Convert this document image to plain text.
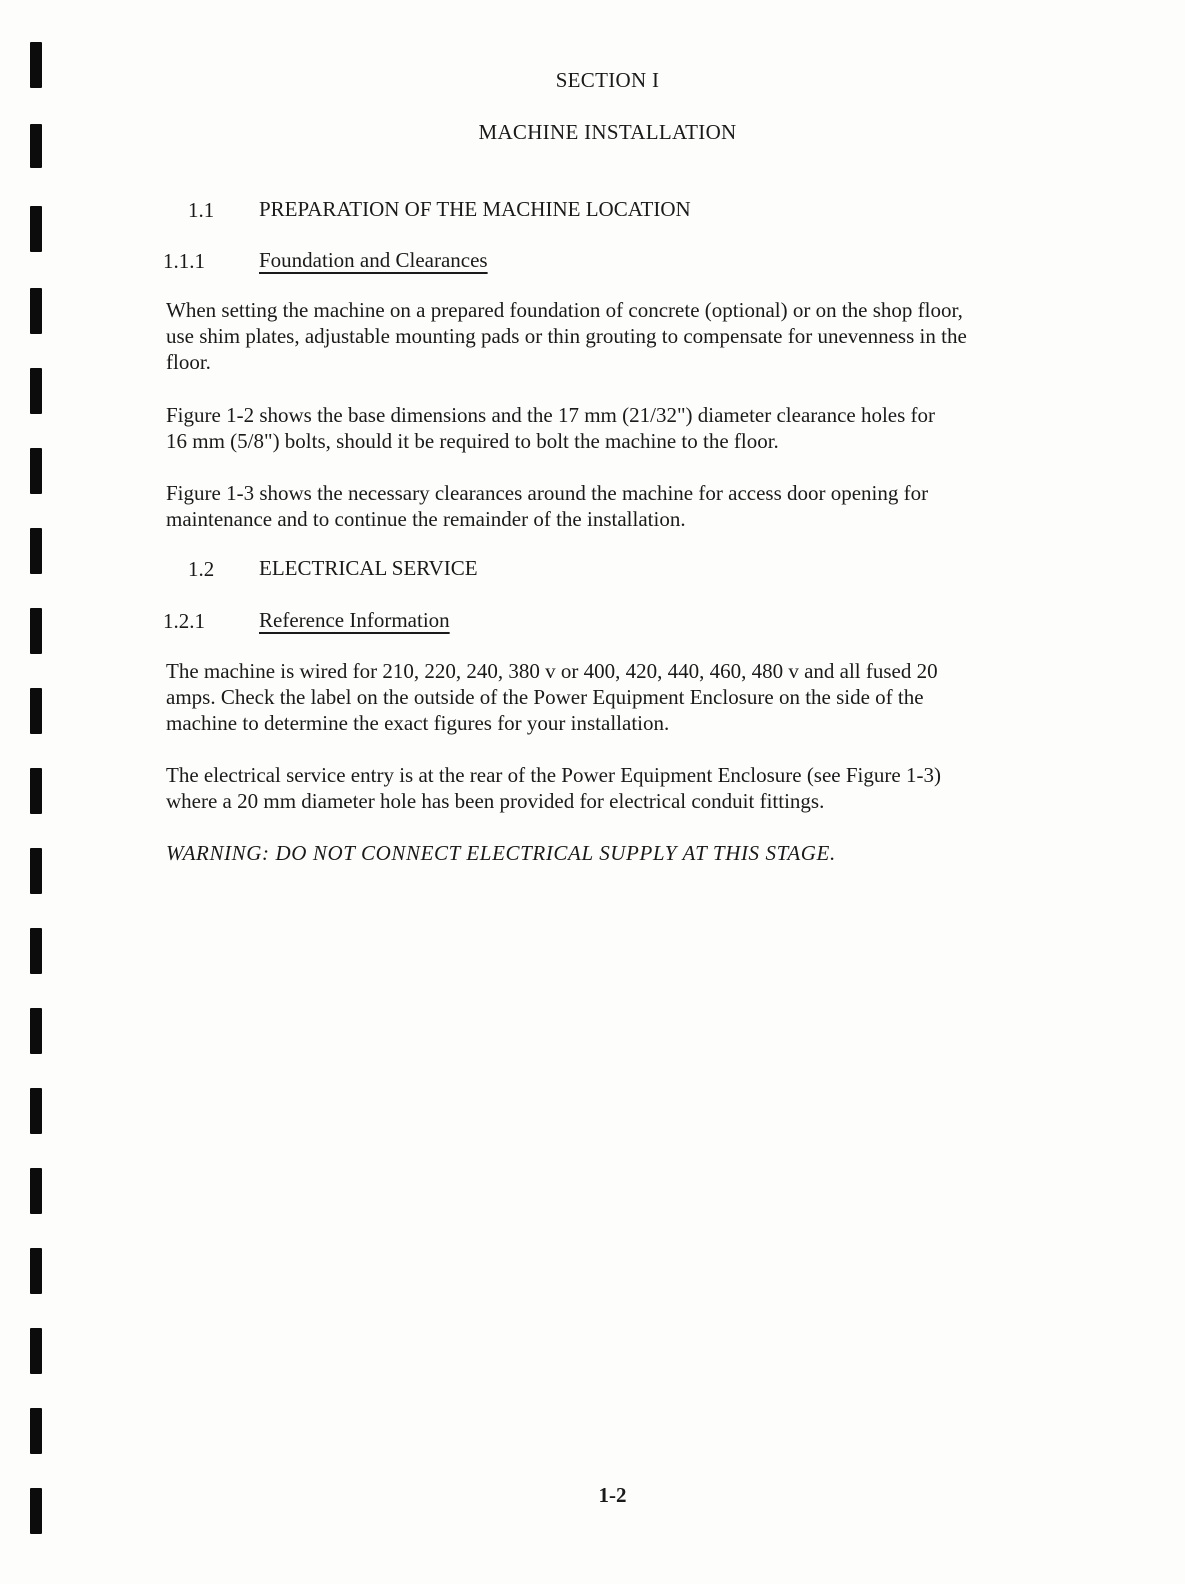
SECTION I
MACHINE INSTALLATION
1.1 PREPARATION OF THE MACHINE LOCATION
1.1.1	Foundation and Clearances
When setting the machine on a prepared foundation of concrete (optional) or on the shop floor,
use shim plates, adjustable mounting pads or thin grouting to compensate for unevenness in the
floor.
Figure 1-2 shows the base dimensions and the 17 mm (21/32") diameter clearance holes for
16 mm (5/8") bolts, should it be required to bolt the machine to the floor.
Figure 1-3 shows the necessary clearances around the machine for access door opening for
maintenance and to continue the remainder of the installation.
1.2 ELECTRICAL SERVICE
1.2.1	Reference Information
The machine is wired for 210, 220, 240, 380 v or 400, 420, 440, 460, 480 v and all fused 20
amps. Check the label on the outside of the Power Equipment Enclosure on the side of the
machine to determine the exact figures for your installation.
The electrical service entry is at the rear of the Power Equipment Enclosure (see Figure 1-3)
where a 20 mm diameter hole has been provided for electrical conduit fittings.
WARNING: DO NOT CONNECT ELECTRICAL SUPPLY AT THIS STAGE.
1-2
